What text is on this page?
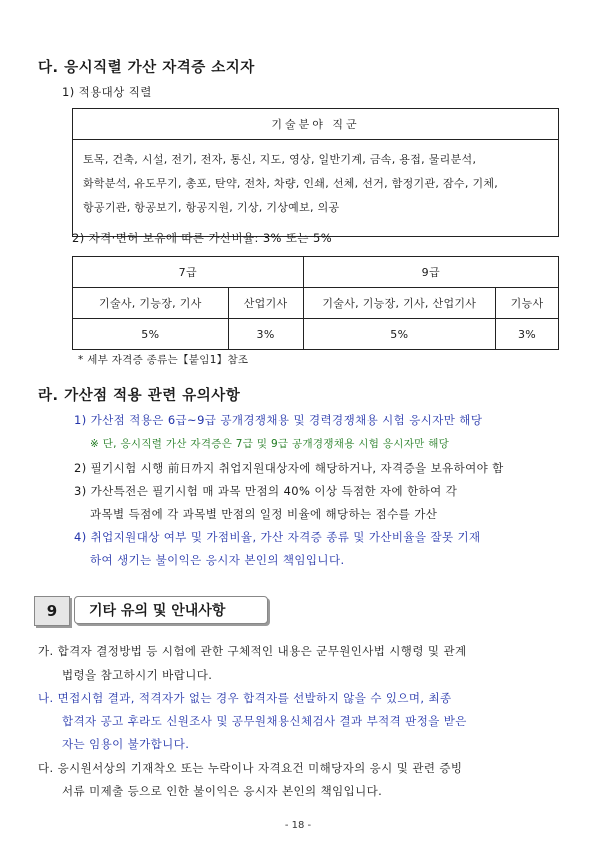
다. 응시직렬 가산 자격증 소지자
1) 적용대상 직렬
기술분야 직군

토목, 건축, 시설, 전기, 전자, 통신, 지도, 영상, 일반기계, 금속, 용접, 물리분석,
화학분석, 유도무기, 총포, 탄약, 전차, 차량, 인쇄, 선체, 선거, 함정기관, 잠수, 기체,
항공기관, 항공보기, 항공지원, 기상, 기상예보, 의공
2) 자격·면허 보유에 따른 가산비율: 3% 또는 5%
7급		9급	
기술사, 기능장, 기사	산업기사	기술사, 기능장, 기사, 산업기사	기능사
5%	3%	5%	3%
* 세부 자격증 종류는【붙임1】참조
라. 가산점 적용 관련 유의사항
1) 가산점 적용은 6급~9급 공개경쟁채용 및 경력경쟁채용 시험 응시자만 해당
※ 단, 응시직렬 가산 자격증은 7급 및 9급 공개경쟁채용 시험 응시자만 해당
2) 필기시험 시행 前日까지 취업지원대상자에 해당하거나, 자격증을 보유하여야 함
3) 가산특전은 필기시험 매 과목 만점의 40% 이상 득점한 자에 한하여 각
과목별 득점에 각 과목별 만점의 일정 비율에 해당하는 점수를 가산
4) 취업지원대상 여부 및 가점비율, 가산 자격증 종류 및 가산비율을 잘못 기재
하여 생기는 불이익은 응시자 본인의 책임입니다.
9	기타 유의 및 안내사항
가. 합격자 결정방법 등 시험에 관한 구체적인 내용은 군무원인사법 시행령 및 관계
법령을 참고하시기 바랍니다.
나. 면접시험 결과, 적격자가 없는 경우 합격자를 선발하지 않을 수 있으며, 최종
합격자 공고 후라도 신원조사 및 공무원채용신체검사 결과 부적격 판정을 받은
자는 임용이 불가합니다.
다. 응시원서상의 기재착오 또는 누락이나 자격요건 미해당자의 응시 및 관련 증빙
서류 미제출 등으로 인한 불이익은 응시자 본인의 책임입니다.
- 18 -
